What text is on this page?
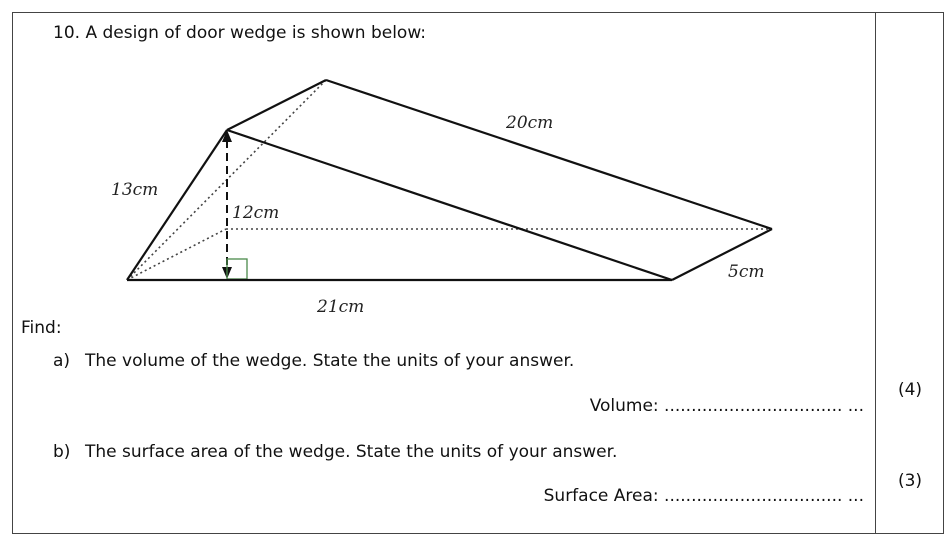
10. A design of door wedge is shown below:
13cm
12cm
21cm
20cm
5cm
Find:
a) The volume of the wedge. State the units of your answer.
Volume: ................................. ...
(4)
b) The surface area of the wedge. State the units of your answer.
Surface Area: ................................. ...
(3)
